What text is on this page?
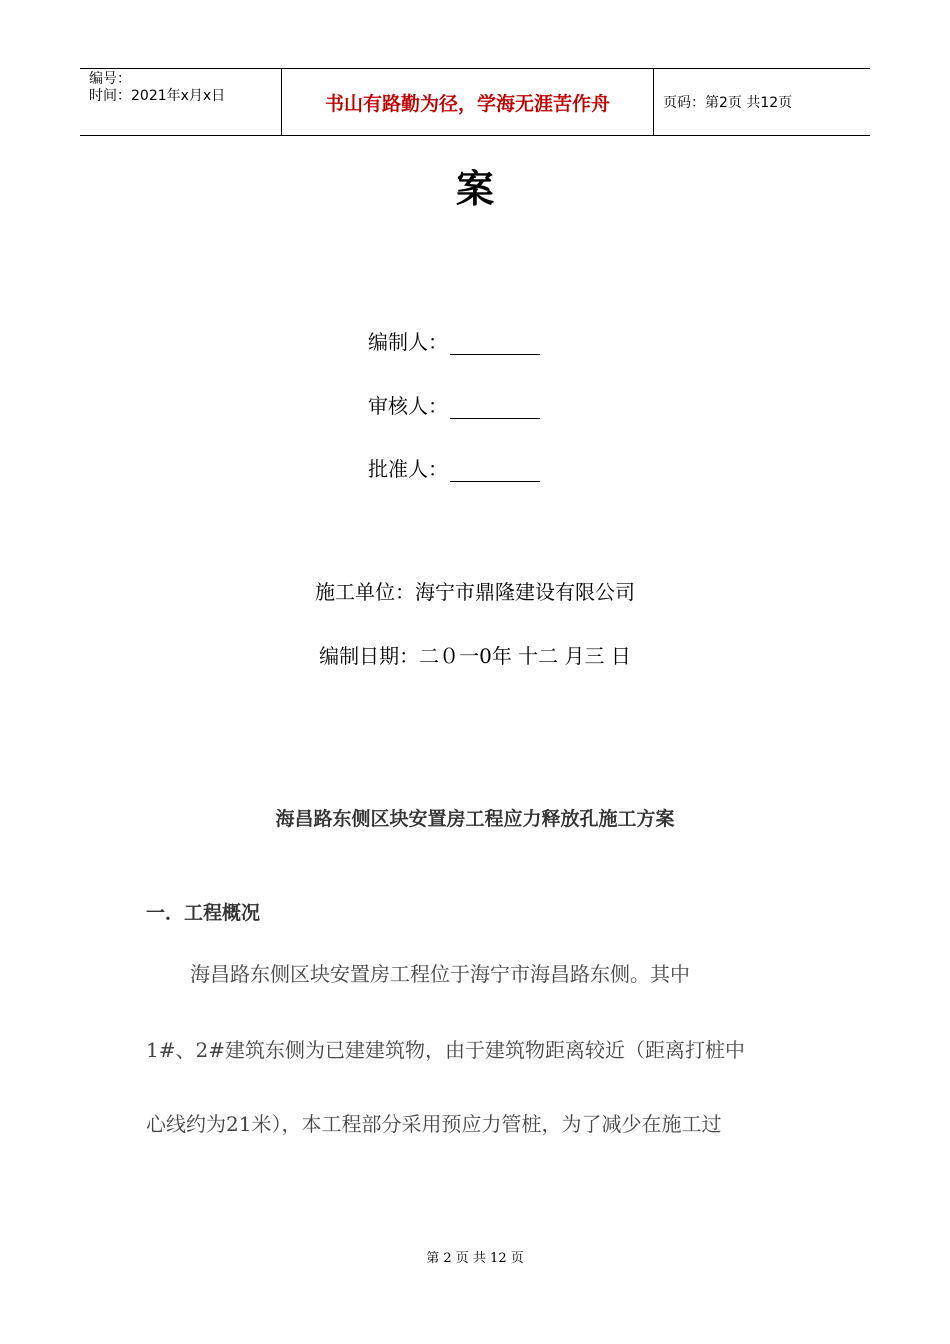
编号：
时间：2021年x月x日	书山有路勤为径，学海无涯苦作舟	页码：第2页 共12页
案
编制人：
审核人：
批准人：
施工单位：海宁市鼎隆建设有限公司
编制日期：二０一0年 十二 月三 日
海昌路东侧区块安置房工程应力释放孔施工方案
一．工程概况
海昌路东侧区块安置房工程位于海宁市海昌路东侧。其中
1#、2#建筑东侧为已建建筑物，由于建筑物距离较近（距离打桩中
心线约为21米），本工程部分采用预应力管桩，为了减少在施工过
第 2 页 共 12 页
